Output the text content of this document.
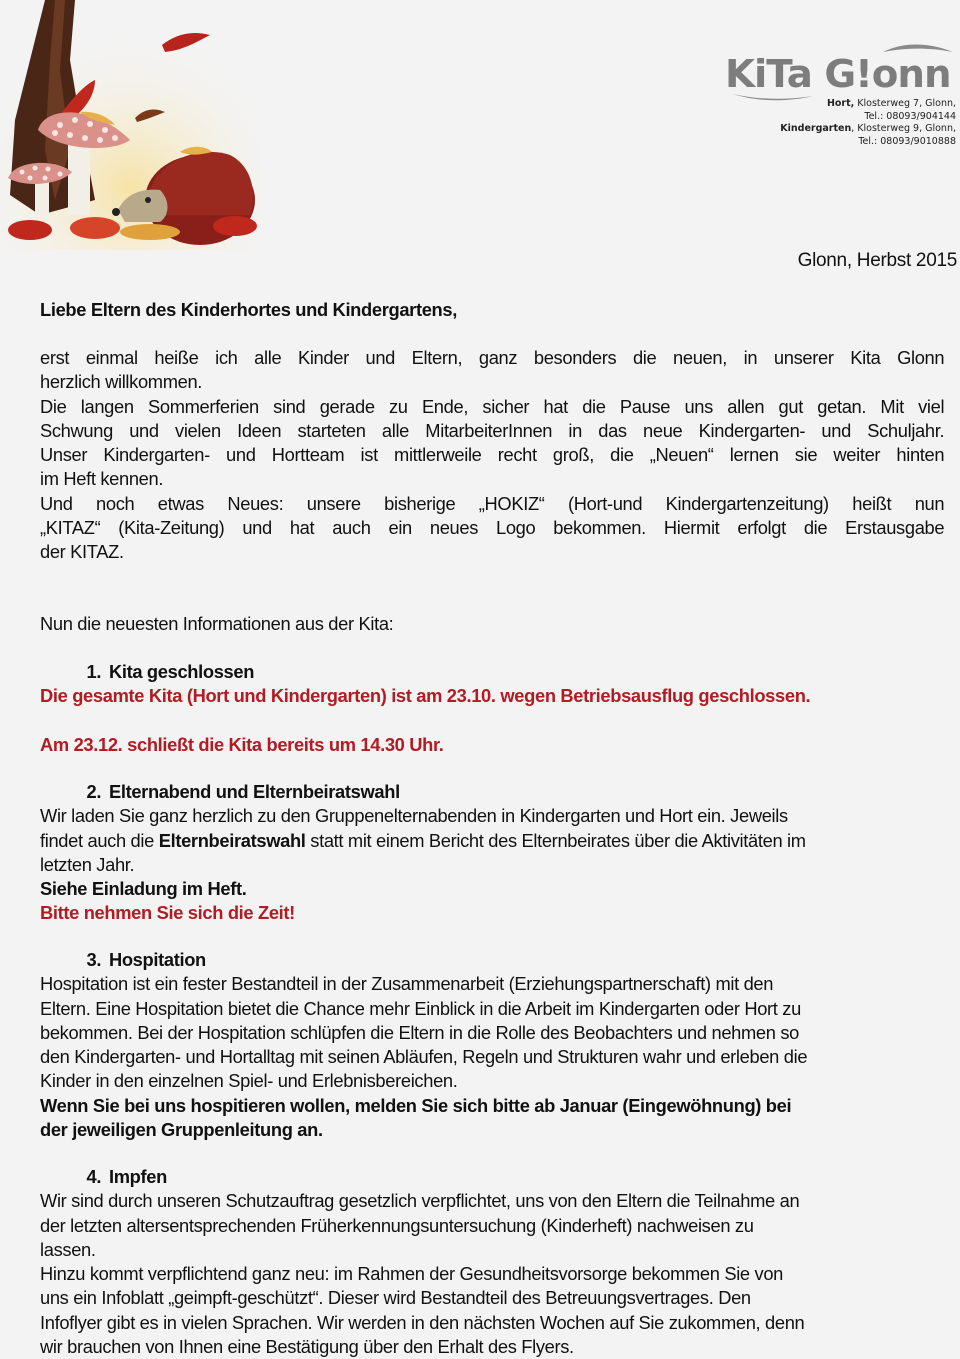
KiTa G!onn
Hort, Klosterweg 7, Glonn,
Tel.: 08093/904144
Kindergarten, Klosterweg 9, Glonn,
Tel.: 08093/9010888
Glonn, Herbst 2015
Liebe Eltern des Kinderhortes und Kindergartens,
erst einmal heiße ich alle Kinder und Eltern, ganz besonders die neuen, in unserer Kita Glonn
herzlich willkommen.
Die langen Sommerferien sind gerade zu Ende, sicher hat die Pause uns allen gut getan. Mit viel
Schwung und vielen Ideen starteten alle MitarbeiterInnen in das neue Kindergarten- und Schuljahr.
Unser Kindergarten- und Hortteam ist mittlerweile recht groß, die „Neuen“ lernen sie weiter hinten
im Heft kennen.
Und noch etwas Neues: unsere bisherige „HOKIZ“ (Hort-und Kindergartenzeitung) heißt nun
„KITAZ“ (Kita-Zeitung) und hat auch ein neues Logo bekommen. Hiermit erfolgt die Erstausgabe
der KITAZ.
Nun die neuesten Informationen aus der Kita:
1. Kita geschlossen
Die gesamte Kita (Hort und Kindergarten) ist am 23.10. wegen Betriebsausflug geschlossen.
Am 23.12. schließt die Kita bereits um 14.30 Uhr.
2. Elternabend und Elternbeiratswahl
Wir laden Sie ganz herzlich zu den Gruppenelternabenden in Kindergarten und Hort ein. Jeweils
findet auch die Elternbeiratswahl statt mit einem Bericht des Elternbeirates über die Aktivitäten im
letzten Jahr.
Siehe Einladung im Heft.
Bitte nehmen Sie sich die Zeit!
3. Hospitation
Hospitation ist ein fester Bestandteil in der Zusammenarbeit (Erziehungspartnerschaft) mit den
Eltern. Eine Hospitation bietet die Chance mehr Einblick in die Arbeit im Kindergarten oder Hort zu
bekommen. Bei der Hospitation schlüpfen die Eltern in die Rolle des Beobachters und nehmen so
den Kindergarten- und Hortalltag mit seinen Abläufen, Regeln und Strukturen wahr und erleben die
Kinder in den einzelnen Spiel- und Erlebnisbereichen.
Wenn Sie bei uns hospitieren wollen, melden Sie sich bitte ab Januar (Eingewöhnung) bei
der jeweiligen Gruppenleitung an.
4. Impfen
Wir sind durch unseren Schutzauftrag gesetzlich verpflichtet, uns von den Eltern die Teilnahme an
der letzten altersentsprechenden Früherkennungsuntersuchung (Kinderheft) nachweisen zu
lassen.
Hinzu kommt verpflichtend ganz neu: im Rahmen der Gesundheitsvorsorge bekommen Sie von
uns ein Infoblatt „geimpft-geschützt“. Dieser wird Bestandteil des Betreuungsvertrages. Den
Infoflyer gibt es in vielen Sprachen. Wir werden in den nächsten Wochen auf Sie zukommen, denn
wir brauchen von Ihnen eine Bestätigung über den Erhalt des Flyers.
